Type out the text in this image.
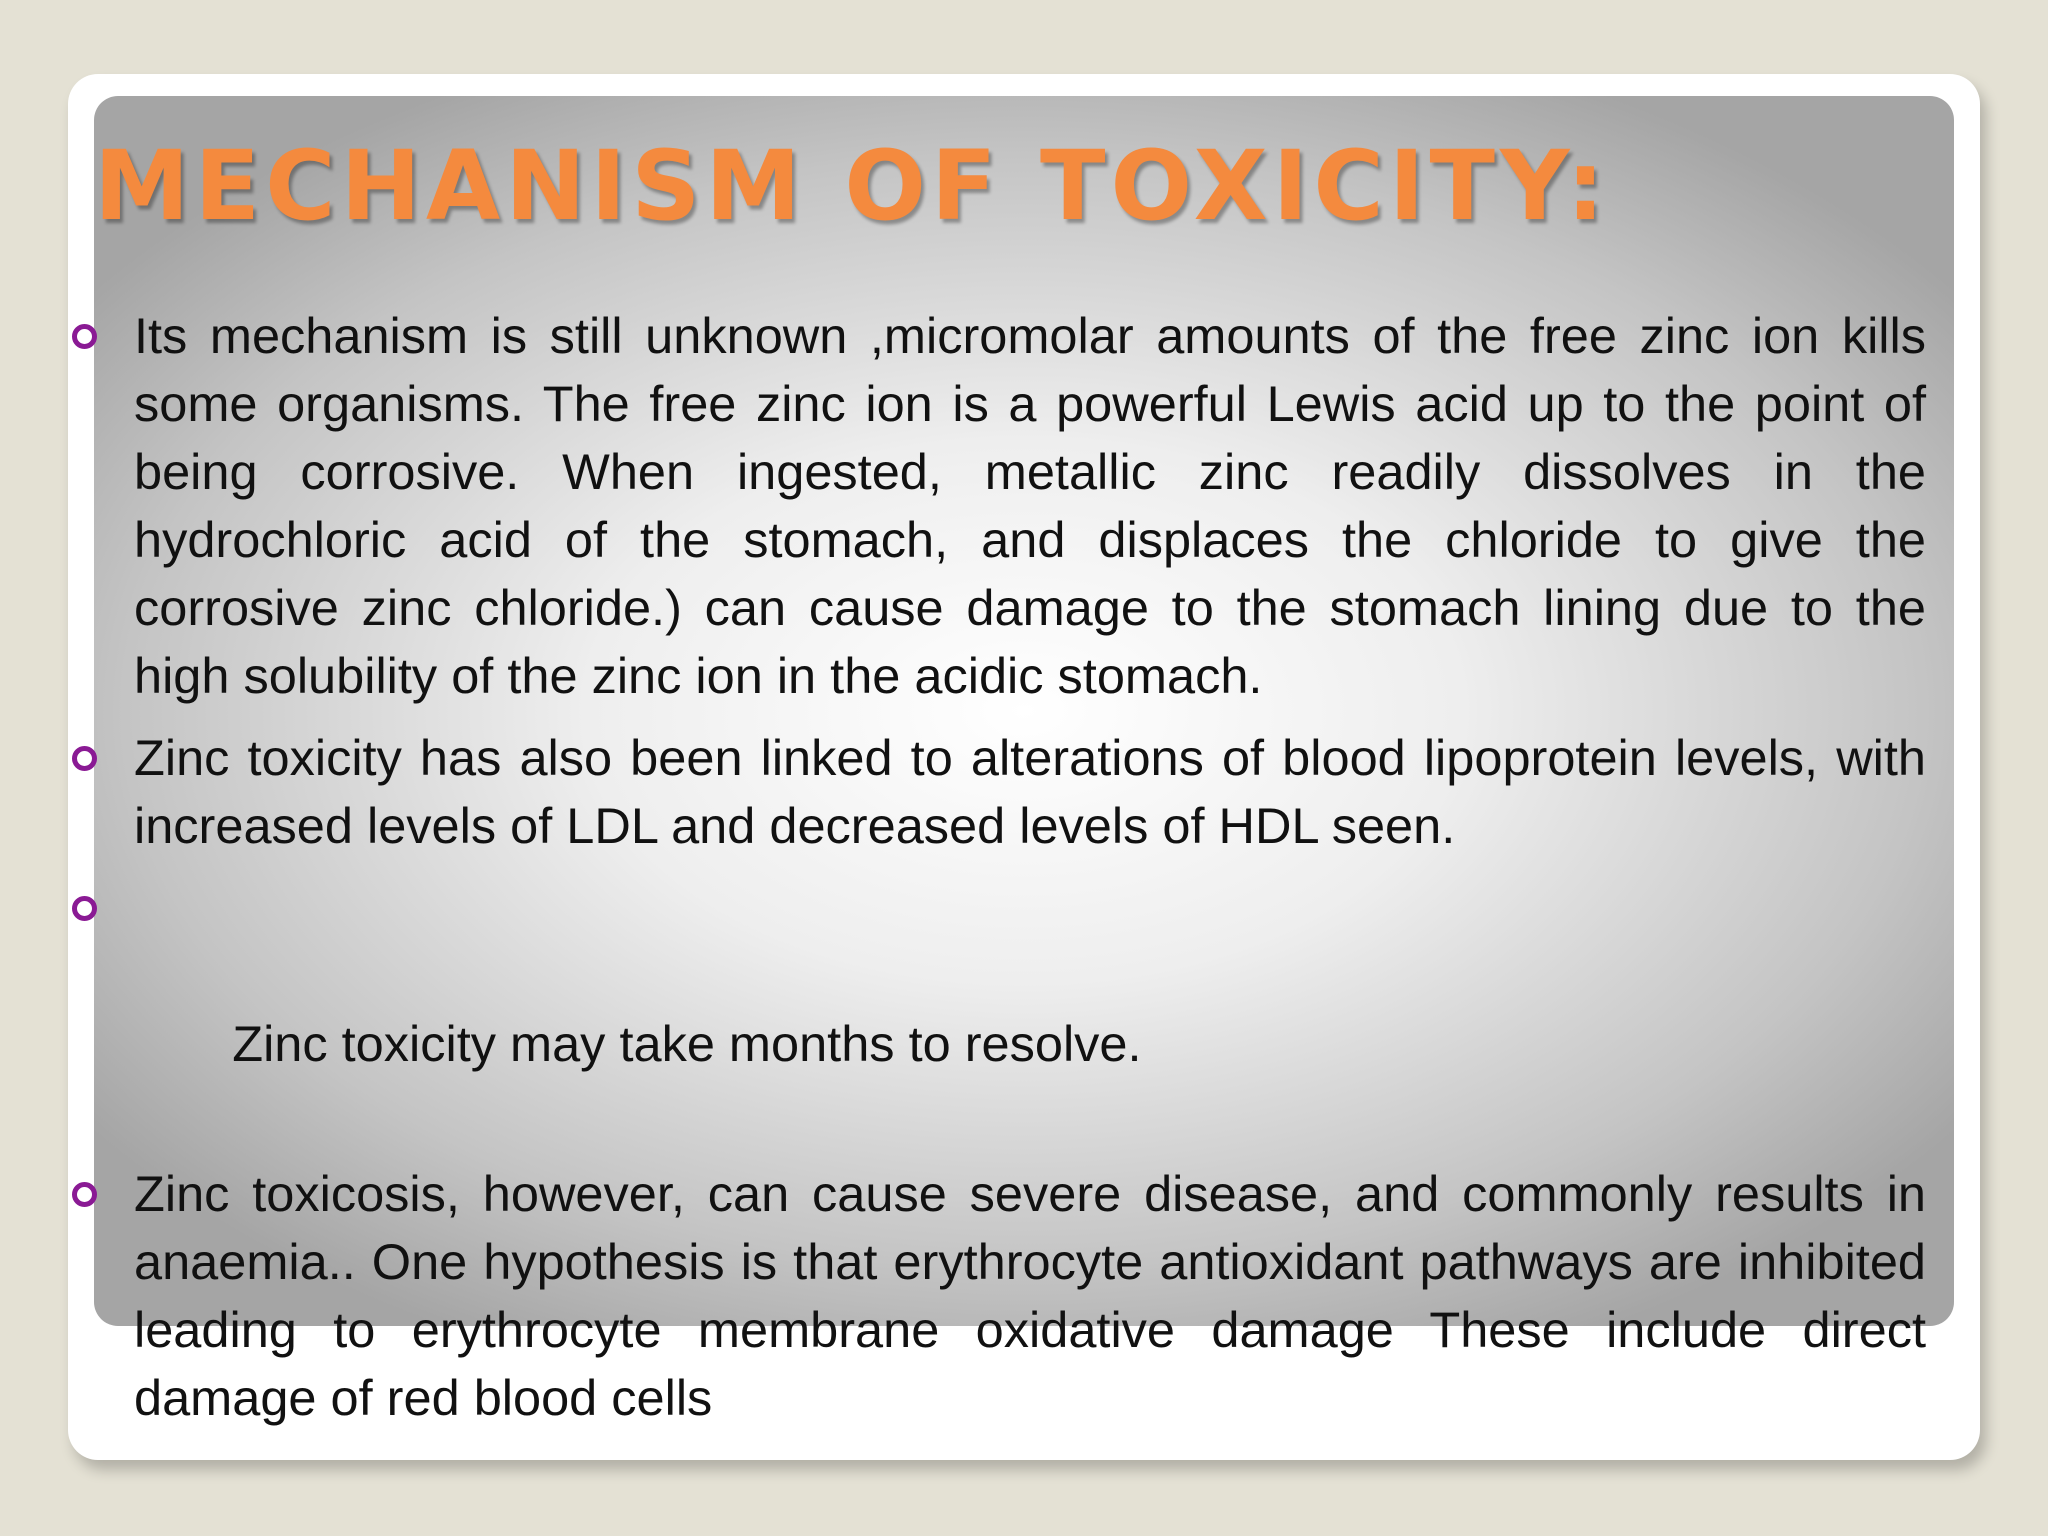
MECHANISM OF TOXICITY:
Its mechanism is still unknown ,micromolar amounts of the free zinc ion kills some organisms. The free zinc ion is a powerful Lewis acid up to the point of being corrosive. When ingested, metallic zinc readily dissolves in the hydrochloric acid of the stomach, and displaces the chloride to give the corrosive zinc chloride.) can cause damage to the stomach lining due to the high solubility of the zinc ion in the acidic stomach.
Zinc toxicity has also been linked to alterations of blood lipoprotein levels, with increased levels of LDL and decreased levels of HDL seen.

Zinc toxicity may take months to resolve.

Zinc toxicosis, however, can cause severe disease, and commonly results in anaemia.. One hypothesis is that erythrocyte antioxidant pathways are inhibited leading to erythrocyte membrane oxidative damage These include direct damage of red blood cells
